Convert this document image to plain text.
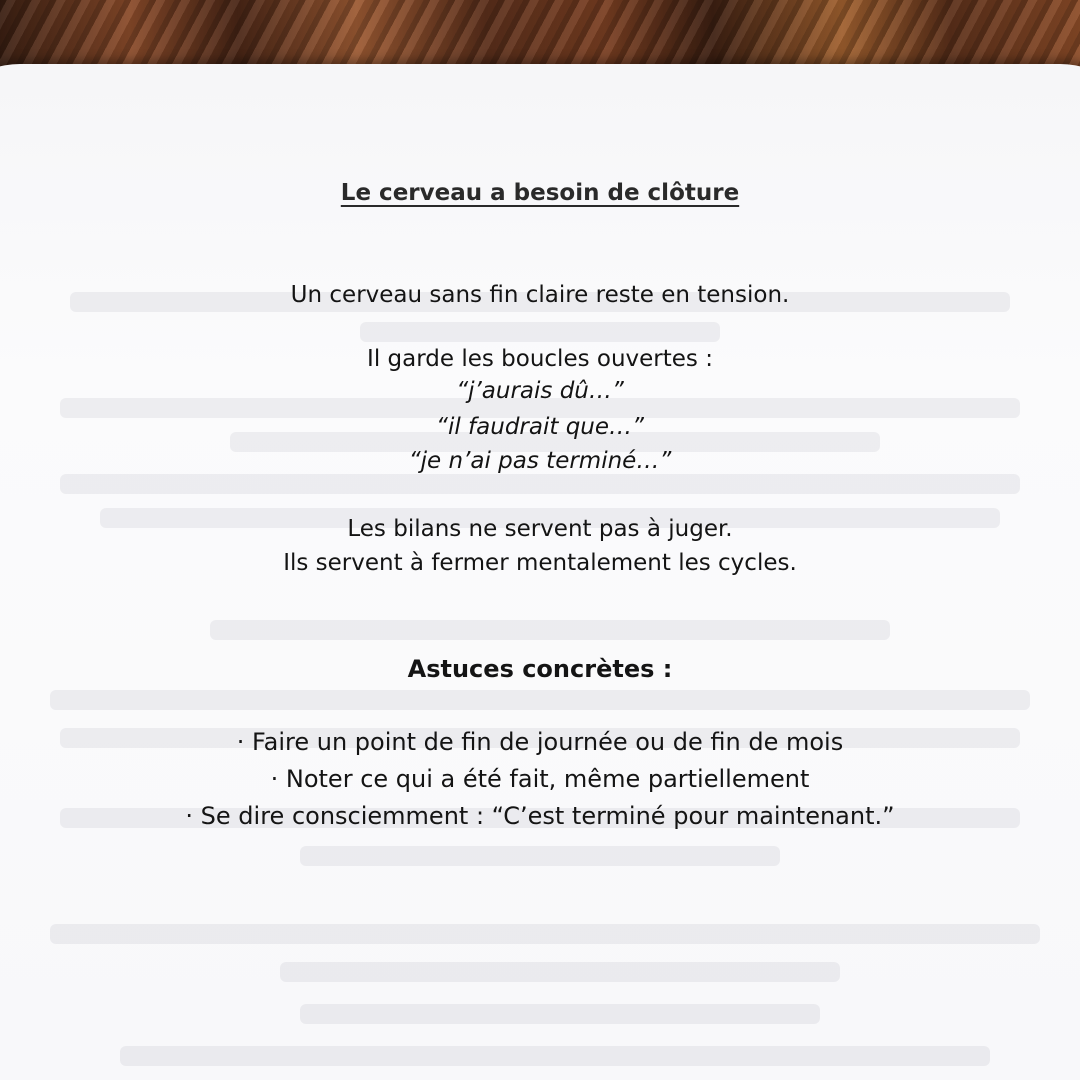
Le cerveau a besoin de clôture

Un cerveau sans fin claire reste en tension.

Il garde les boucles ouvertes :

“j’aurais dû…”

“il faudrait que…”

“je n’ai pas terminé…”

Les bilans ne servent pas à juger.

Ils servent à fermer mentalement les cycles.

Astuces concrètes :
· Faire un point de fin de journée ou de fin de mois
· Noter ce qui a été fait, même partiellement
· Se dire consciemment : “C’est terminé pour maintenant.”
